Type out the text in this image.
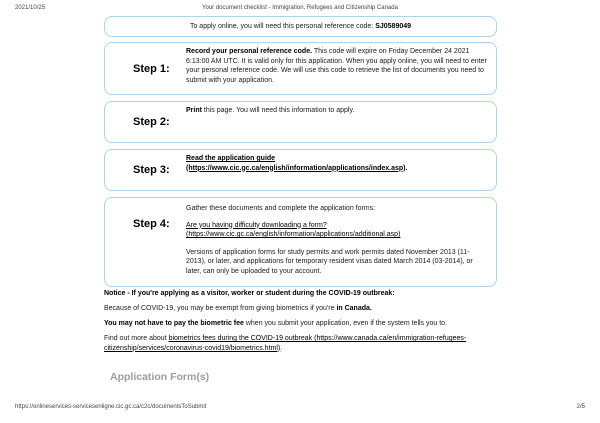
2021/10/25	Your document checklist - Immigration, Refugees and Citizenship Canada
To apply online, you will need this personal reference code: SJ0589049
Step 1:

Record your personal reference code. This code will expire on Friday December 24 2021 6:13:00 AM UTC. It is valid only for this application. When you apply online, you will need to enter your personal reference code. We will use this code to retrieve the list of documents you need to submit with your application.

Step 2:

Print this page. You will need this information to apply.

Step 3:

Read the application guide
(https://www.cic.gc.ca/english/information/applications/index.asp).

Step 4:

Gather these documents and complete the application forms:

Are you having difficulty downloading a form?
(https://www.cic.gc.ca/english/information/applications/additional.asp)

Versions of application forms for study permits and work permits dated November 2013 (11-2013), or later, and applications for temporary resident visas dated March 2014 (03-2014), or later, can only be uploaded to your account.

Notice - If you're applying as a visitor, worker or student during the COVID-19 outbreak:

Because of COVID-19, you may be exempt from giving biometrics if you're in Canada.

You may not have to pay the biometric fee when you submit your application, even if the system tells you to.

Find out more about biometrics fees during the COVID-19 outbreak (https://www.canada.ca/en/immigration-refugees-citizenship/services/coronavirus-covid19/biometrics.html).

Application Form(s)
https://onlineservices-servicesenligne.cic.gc.ca/c2c/documentsToSubmit	2/5
